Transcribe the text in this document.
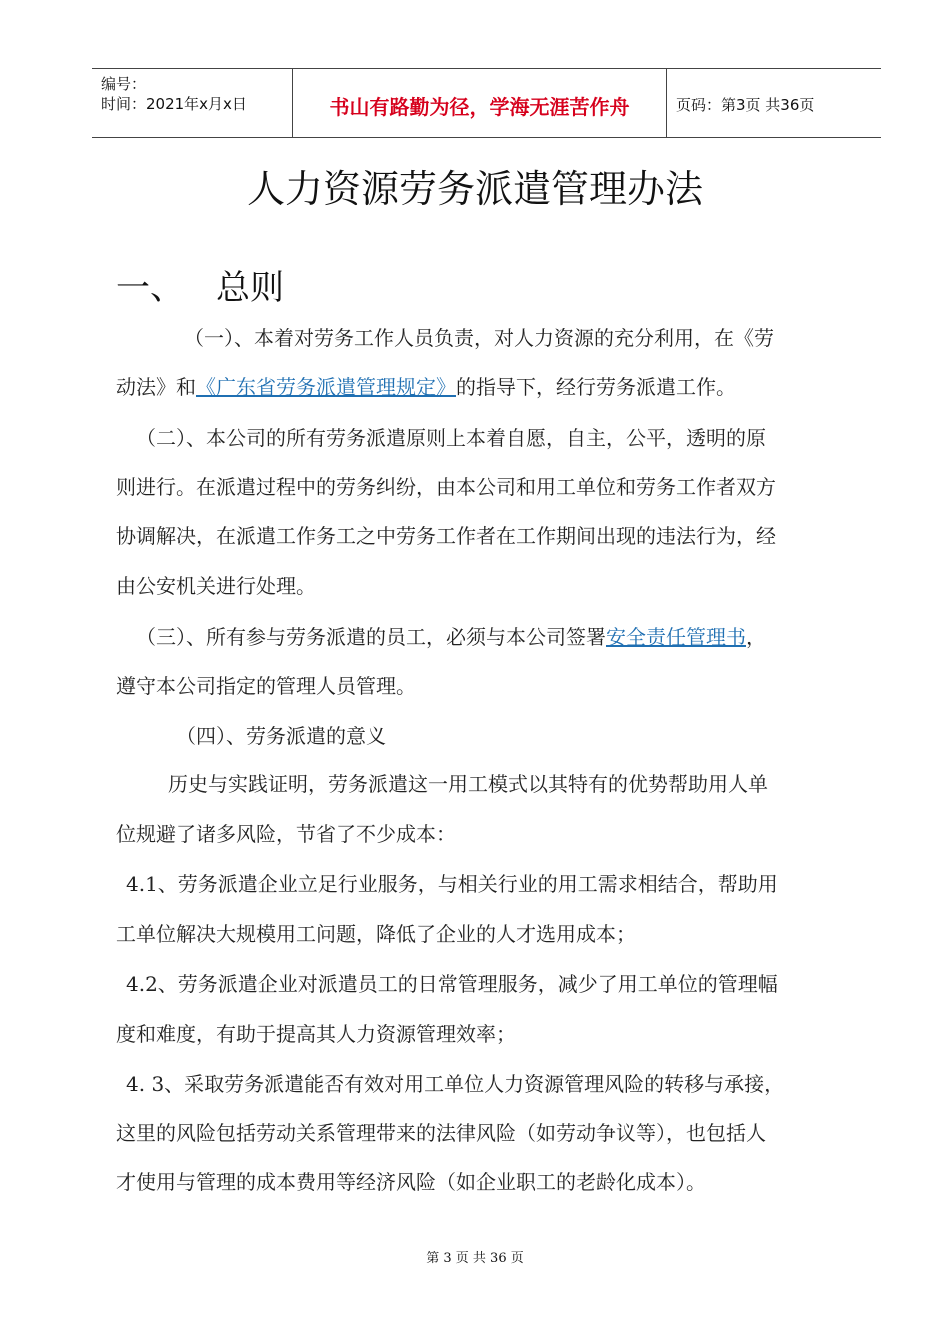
编号：
时间：2021年x月x日	书山有路勤为径，学海无涯苦作舟	页码：第3页 共36页
人力资源劳务派遣管理办法
一、 总则
（一）、本着对劳务工作人员负责，对人力资源的充分利用，在《劳
动法》和《广东省劳务派遣管理规定》的指导下，经行劳务派遣工作。
（二）、本公司的所有劳务派遣原则上本着自愿，自主，公平，透明的原
则进行。在派遣过程中的劳务纠纷，由本公司和用工单位和劳务工作者双方
协调解决，在派遣工作务工之中劳务工作者在工作期间出现的违法行为，经
由公安机关进行处理。
（三）、所有参与劳务派遣的员工，必须与本公司签署安全责任管理书，
遵守本公司指定的管理人员管理。
（四）、劳务派遣的意义
历史与实践证明，劳务派遣这一用工模式以其特有的优势帮助用人单
位规避了诸多风险，节省了不少成本：
4.1、劳务派遣企业立足行业服务，与相关行业的用工需求相结合，帮助用
工单位解决大规模用工问题，降低了企业的人才选用成本；
4.2、劳务派遣企业对派遣员工的日常管理服务，减少了用工单位的管理幅
度和难度，有助于提高其人力资源管理效率；
4. 3、采取劳务派遣能否有效对用工单位人力资源管理风险的转移与承接，
这里的风险包括劳动关系管理带来的法律风险（如劳动争议等），也包括人
才使用与管理的成本费用等经济风险（如企业职工的老龄化成本）。
第 3 页 共 36 页
